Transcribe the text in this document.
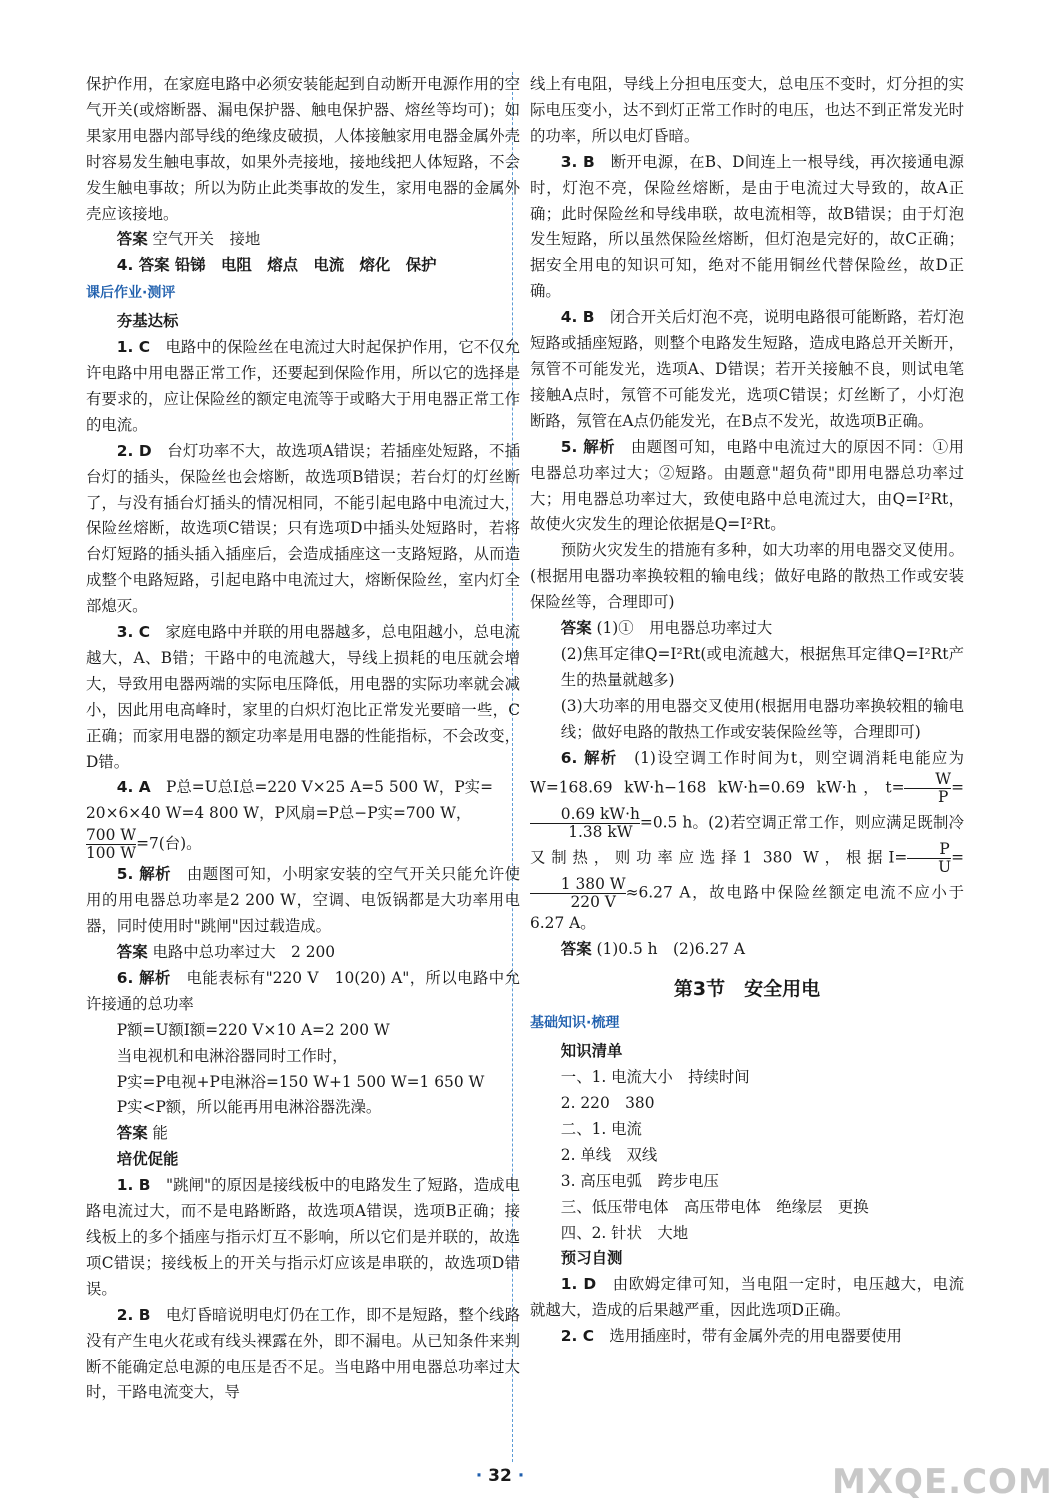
保护作用，在家庭电路中必须安装能起到自动断开电源作用的空气开关(或熔断器、漏电保护器、触电保护器、熔丝等均可)；如果家用电器内部导线的绝缘皮破损，人体接触家用电器金属外壳时容易发生触电事故，如果外壳接地，接地线把人体短路，不会发生触电事故；所以为防止此类事故的发生，家用电器的金属外壳应该接地。

答案 空气开关　接地

4. 答案 铅锑　电阻　熔点　电流　熔化　保护

课后作业·测评

夯基达标

1. C　 电路中的保险丝在电流过大时起保护作用，它不仅允许电路中用电器正常工作，还要起到保险作用，所以它的选择是有要求的，应让保险丝的额定电流等于或略大于用电器正常工作的电流。

2. D　 台灯功率不大，故选项A错误；若插座处短路，不插台灯的插头，保险丝也会熔断，故选项B错误；若台灯的灯丝断了，与没有插台灯插头的情况相同，不能引起电路中电流过大，保险丝熔断，故选项C错误；只有选项D中插头处短路时，若将台灯短路的插头插入插座后，会造成插座这一支路短路，从而造成整个电路短路，引起电路中电流过大，熔断保险丝，室内灯全部熄灭。

3. C　 家庭电路中并联的用电器越多，总电阻越小，总电流越大，A、B错；干路中的电流越大，导线上损耗的电压就会增大，导致用电器两端的实际电压降低，用电器的实际功率就会减小，因此用电高峰时，家里的白炽灯泡比正常发光要暗一些，C正确；而家用电器的额定功率是用电器的性能指标，不会改变，D错。

4. A　 P总=U总I总=220 V×25 A=5 500 W，P实=

20×6×40 W=4 800 W，P风扇=P总−P实=700 W，

$\frac{700 W}{100 W} =7$(台)。

5. 解析　 由题图可知，小明家安装的空气开关只能允许使用的用电器总功率是2 200 W，空调、电饭锅都是大功率用电器，同时使用时"跳闸"因过载造成。

答案 电路中总功率过大　2 200

6. 解析　 电能表标有"220 V　10(20) A"，所以电路中允许接通的总功率

P额=U额I额=220 V×10 A=2 200 W

当电视机和电淋浴器同时工作时，

P实=P电视+P电淋浴=150 W+1 500 W=1 650 W

P实<P额，所以能再用电淋浴器洗澡。

答案 能

培优促能

1. B　 "跳闸"的原因是接线板中的电路发生了短路，造成电路电流过大，而不是电路断路，故选项A错误，选项B正确；接线板上的多个插座与指示灯互不影响，所以它们是并联的，故选项C错误；接线板上的开关与指示灯应该是串联的，故选项D错误。

2. B　 电灯昏暗说明电灯仍在工作，即不是短路，整个线路没有产生电火花或有线头裸露在外，即不漏电。从已知条件来判断不能确定总电源的电压是否不足。当电路中用电器总功率过大时，干路电流变大，导

线上有电阻，导线上分担电压变大，总电压不变时，灯分担的实际电压变小，达不到灯正常工作时的电压，也达不到正常发光时的功率，所以电灯昏暗。

3. B　 断开电源，在B、D间连上一根导线，再次接通电源时，灯泡不亮，保险丝熔断，是由于电流过大导致的，故A正确；此时保险丝和导线串联，故电流相等，故B错误；由于灯泡发生短路，所以虽然保险丝熔断，但灯泡是完好的，故C正确；据安全用电的知识可知，绝对不能用铜丝代替保险丝，故D正确。

4. B　 闭合开关后灯泡不亮，说明电路很可能断路，若灯泡短路或插座短路，则整个电路发生短路，造成电路总开关断开，氖管不可能发光，选项A、D错误；若开关接触不良，则试电笔接触A点时，氖管不可能发光，选项C错误；灯丝断了，小灯泡断路，氖管在A点仍能发光，在B点不发光，故选项B正确。

5. 解析　 由题图可知，电路中电流过大的原因不同：①用电器总功率过大；②短路。由题意"超负荷"即用电器总功率过大；用电器总功率过大，致使电路中总电流过大，由Q=I²Rt，故使火灾发生的理论依据是Q=I²Rt。

预防火灾发生的措施有多种，如大功率的用电器交叉使用。(根据用电器功率换较粗的输电线；做好电路的散热工作或安装保险丝等，合理即可)

答案 (1)①　用电器总功率过大

(2)焦耳定律Q=I²Rt(或电流越大，根据焦耳定律Q=I²Rt产生的热量就越多)

(3)大功率的用电器交叉使用(根据用电器功率换较粗的输电线；做好电路的散热工作或安装保险丝等，合理即可)

6. 解析　 (1)设空调工作时间为t，则空调消耗电能应为W=168.69 kW·h−168 kW·h=0.69 kW·h，$t= \frac{W}{P}$ =
$\frac{0.69 kW\cdot h}{1.38 kW} =0.5$ h。(2)若空调正常工作，则应满足既制冷又制热，则功率应选择1 380 W，根据$I= \frac{P}{U}$ =
$\frac{1 380 W}{220 V} \approx 6.27$ A，故电路中保险丝额定电流不应小于6.27 A。

答案 (1)0.5 h　(2)6.27 A

第3节　安全用电
基础知识·梳理

知识清单

一、1. 电流大小　持续时间

2. 220　380

二、1. 电流

2. 单线　双线

3. 高压电弧　跨步电压

三、低压带电体　高压带电体　绝缘层　更换

四、2. 针状　大地

预习自测

1. D　 由欧姆定律可知，当电阻一定时，电压越大，电流就越大，造成的后果越严重，因此选项D正确。

2. C　 选用插座时，带有金属外壳的用电器要使用

· 32 ·	MXQE.COM
